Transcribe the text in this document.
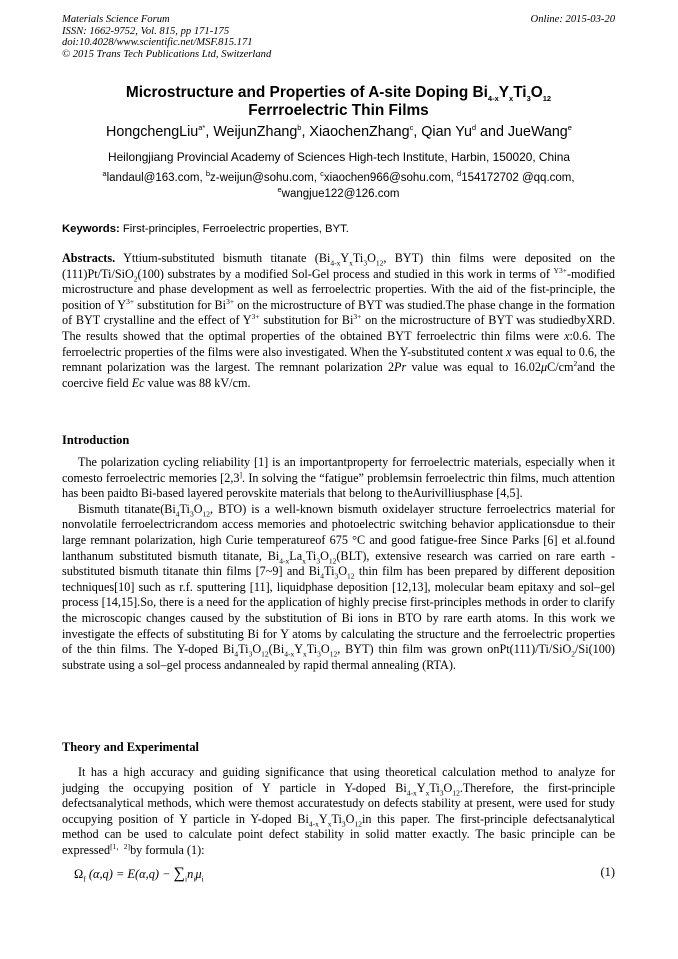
Materials Science Forum
ISSN: 1662-9752, Vol. 815, pp 171-175
doi:10.4028/www.scientific.net/MSF.815.171
© 2015 Trans Tech Publications Ltd, Switzerland
Online: 2015-03-20
Microstructure and Properties of A-site Doping $Bi_{4-x}Y_xTi_3O_{12}$
Ferrroelectric Thin Films
HongchengLiu$^{a*}$, WeijunZhang$^b$, XiaochenZhang$^c$, Qian Yu$^d$ and JueWang$^e$
Heilongjiang Provincial Academy of Sciences High-tech Institute, Harbin, 150020, China
$^a$landaul@163.com, $^b$z-weijun@sohu.com, $^c$xiaochen966@sohu.com, $^d$154172702 @qq.com,
$^e$wangjue122@126.com
Keywords: First-principles, Ferroelectric properties, BYT.

Abstracts. Yttium-substituted bismuth titanate ($Bi_{4-x}Y_xTi_3O_{12}$, BYT) thin films were deposited on the (111)Pt/Ti/SiO$_2$(100) substrates by a modified Sol-Gel process and studied in this work in terms of $^{Y3+}$-modified microstructure and phase development as well as ferroelectric properties. With the aid of the fist-principle, the position of $Y^{3+}$ substitution for $Bi^{3+}$ on the microstructure of BYT was studied.The phase change in the formation of BYT crystalline and the effect of $Y^{3+}$ substitution for $Bi^{3+}$ on the microstructure of BYT was studiedbyXRD. The results showed that the optimal properties of the obtained BYT ferroelectric thin films were x:0.6. The ferroelectric properties of the films were also investigated. When the Y-substituted content x was equal to 0.6, the remnant polarization was the largest. The remnant polarization 2Pr value was equal to $16.02\mu C/cm^2and$ the coercive field Ec value was 88 kV/cm.

Introduction

The polarization cycling reliability [1] is an importantproperty for ferroelectric materials, especially when it comesto ferroelectric memories [2,3]. In solving the “fatigue” problemsin ferroelectric thin films, much attention has been paidto Bi-based layered perovskite materials that belong to theAurivilliusphase [4,5].

Bismuth $titanate(Bi_4Ti_3O_{12}$, BTO) is a well-known bismuth oxidelayer structure ferroelectrics material for nonvolatile ferroelectricrandom access memories and photoelectric switching behavior applicationsdue to their large remnant polarization, high Curie temperatureof 675 °C and good fatigue-free Since Parks [6] et al.found lanthanum substituted bismuth titanate, $Bi_{4-x}La_xTi_3O_{12}(BLT)$, extensive research was carried on rare earth -substituted bismuth titanate thin films [7~9] and $Bi_4Ti_3O_{12}$ thin film has been prepared by different deposition techniques[10] such as r.f. sputtering [11], liquidphase deposition [12,13], molecular beam epitaxy and sol–gel process [14,15].So, there is a need for the application of highly precise first-principles methods in order to clarify the microscopic changes caused by the substitution of Bi ions in BTO by rare earth atoms. In this work we investigate the effects of substituting Bi for Y atoms by calculating the structure and the ferroelectric properties of the thin films. The Y-doped $Bi_4Ti_3O_{12}(Bi_{4-x}Y_xTi_3O_{12}$, BYT) thin film was grown onPt(111)/Ti/SiO$_2$/Si(100) substrate using a sol–gel process andannealed by rapid thermal annealing (RTA).

Theory and Experimental

It has a high accuracy and guiding significance that using theoretical calculation method to analyze for judging the occupying position of Y particle in Y-doped $Bi_{4-x}Y_xTi_3O_{12}.Therefore$, the first-principle defectsanalytical methods, which were themost accuratestudy on defects stability at present, were used for study occupying position of Y particle in Y-doped $Bi_{4-x}Y_xTi_3O_{12}in$ this paper. The first-principle defectsanalytical method can be used to calculate point defect stability in solid matter exactly. The basic principle can be expressed[1，2]by formula (1):

$\Omega_f$ $(\alpha,q) = E(\alpha,q) - \sum_in_i\mu_i$	(1)
